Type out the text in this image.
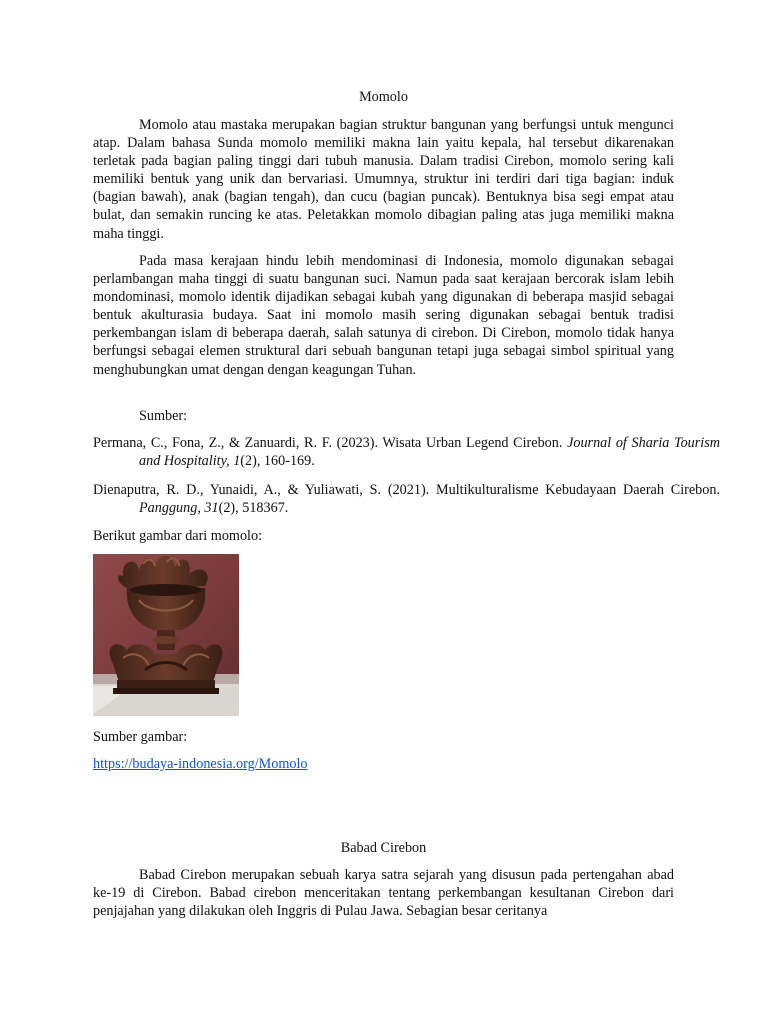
Momolo
Momolo atau mastaka merupakan bagian struktur bangunan yang berfungsi untuk mengunci atap. Dalam bahasa Sunda momolo memiliki makna lain yaitu kepala, hal tersebut dikarenakan terletak pada bagian paling tinggi dari tubuh manusia. Dalam tradisi Cirebon, momolo sering kali memiliki bentuk yang unik dan bervariasi. Umumnya, struktur ini terdiri dari tiga bagian: induk (bagian bawah), anak (bagian tengah), dan cucu (bagian puncak). Bentuknya bisa segi empat atau bulat, dan semakin runcing ke atas. Peletakkan momolo dibagian paling atas juga memiliki makna maha tinggi.
Pada masa kerajaan hindu lebih mendominasi di Indonesia, momolo digunakan sebagai perlambangan maha tinggi di suatu bangunan suci. Namun pada saat kerajaan bercorak islam lebih mondominasi, momolo identik dijadikan sebagai kubah yang digunakan di beberapa masjid sebagai bentuk akulturasia budaya. Saat ini momolo masih sering digunakan sebagai bentuk tradisi perkembangan islam di beberapa daerah, salah satunya di cirebon. Di Cirebon, momolo tidak hanya berfungsi sebagai elemen struktural dari sebuah bangunan tetapi juga sebagai simbol spiritual yang menghubungkan umat dengan dengan keagungan Tuhan.
Sumber:
Permana, C., Fona, Z., & Zanuardi, R. F. (2023). Wisata Urban Legend Cirebon. Journal of Sharia Tourism and Hospitality, 1(2), 160-169.
Dienaputra, R. D., Yunaidi, A., & Yuliawati, S. (2021). Multikulturalisme Kebudayaan Daerah Cirebon. Panggung, 31(2), 518367.
Berikut gambar dari momolo:
Sumber gambar:
https://budaya-indonesia.org/Momolo
Babad Cirebon
Babad Cirebon merupakan sebuah karya satra sejarah yang disusun pada pertengahan abad ke-19 di Cirebon. Babad cirebon menceritakan tentang perkembangan kesultanan Cirebon dari penjajahan yang dilakukan oleh Inggris di Pulau Jawa. Sebagian besar ceritanya
